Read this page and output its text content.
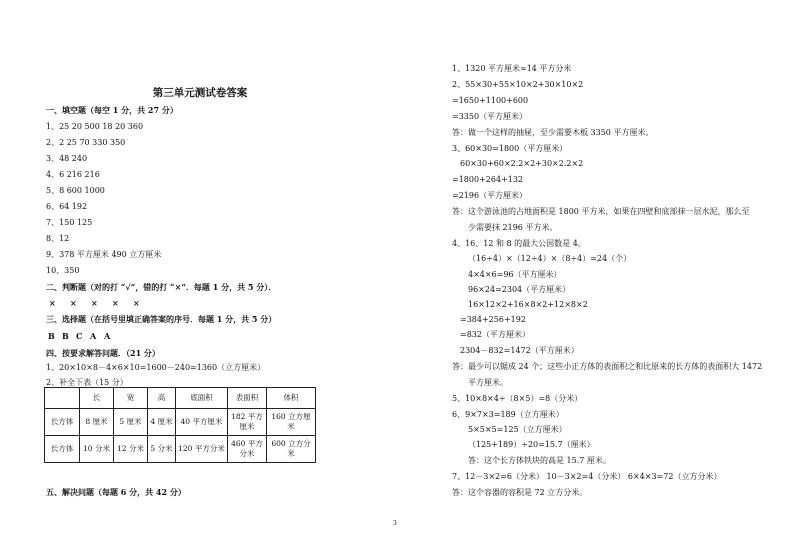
第三单元测试卷答案
一、填空题（每空 1 分，共 27 分）
1、25 20 500 18 20 360
2、2 25 70 330 350
3、48 240
4、6 216 216
5、8 600 1000
6、64 192
7、150 125
8、12
9、378 平方厘米 490 立方厘米
10、350
二、判断题（对的打 “√”，错的打 “×”．每题 1 分，共 5 分）．
× × × × ×
三、选择题（在括号里填正确答案的序号．每题 1 分，共 5 分）
B B C A A
四、按要求解答问题．（21 分）
1、20×10×8－4×6×10=1600－240=1360（立方厘米）
2、补全下表（15 分）
	长	宽	高	底面积	表面积	体积
长方体	8 厘米	5 厘米	4 厘米	40 平方厘米	182 平方厘米	160 立方厘米
长方体	10 分米	12 分米	5 分米	120 平方分米	460 平方分米	600 立方分米
五、解决问题（每题 6 分，共 42 分）
1、1320 平方厘米≈14 平方分米
2、55×30+55×10×2+30×10×2
=1650+1100+600
=3350（平方厘米）
答：做一个这样的抽屉，至少需要木板 3350 平方厘米。
3、60×30=1800（平方厘米）
60×30+60×2.2×2+30×2.2×2
=1800+264+132
=2196（平方厘米）
答：这个游泳池的占地面积是 1800 平方米，如果在四壁和底部抹一层水泥，那么至
少需要抹 2196 平方米。
4、16、12 和 8 的最大公因数是 4。
（16÷4）×（12÷4）×（8÷4）=24（个）
4×4×6=96（平方厘米）
96×24=2304（平方厘米）
16×12×2+16×8×2+12×8×2
=384+256+192
=832（平方厘米）
2304－832=1472（平方厘米）
答：最少可以锯成 24 个；这些小正方体的表面积之和比原来的长方体的表面积大 1472
平方厘米。
5、10×8×4÷（8×5）=8（分米）
6、9×7×3=189（立方厘米）
5×5×5=125（立方厘米）
（125+189）÷20=15.7（厘米）
答：这个长方体铁块的高是 15.7 厘米。
7、12－3×2=6（分米） 10－3×2=4（分米） 6×4×3=72（立方分米）
答：这个容器的容积是 72 立方分米。
3
